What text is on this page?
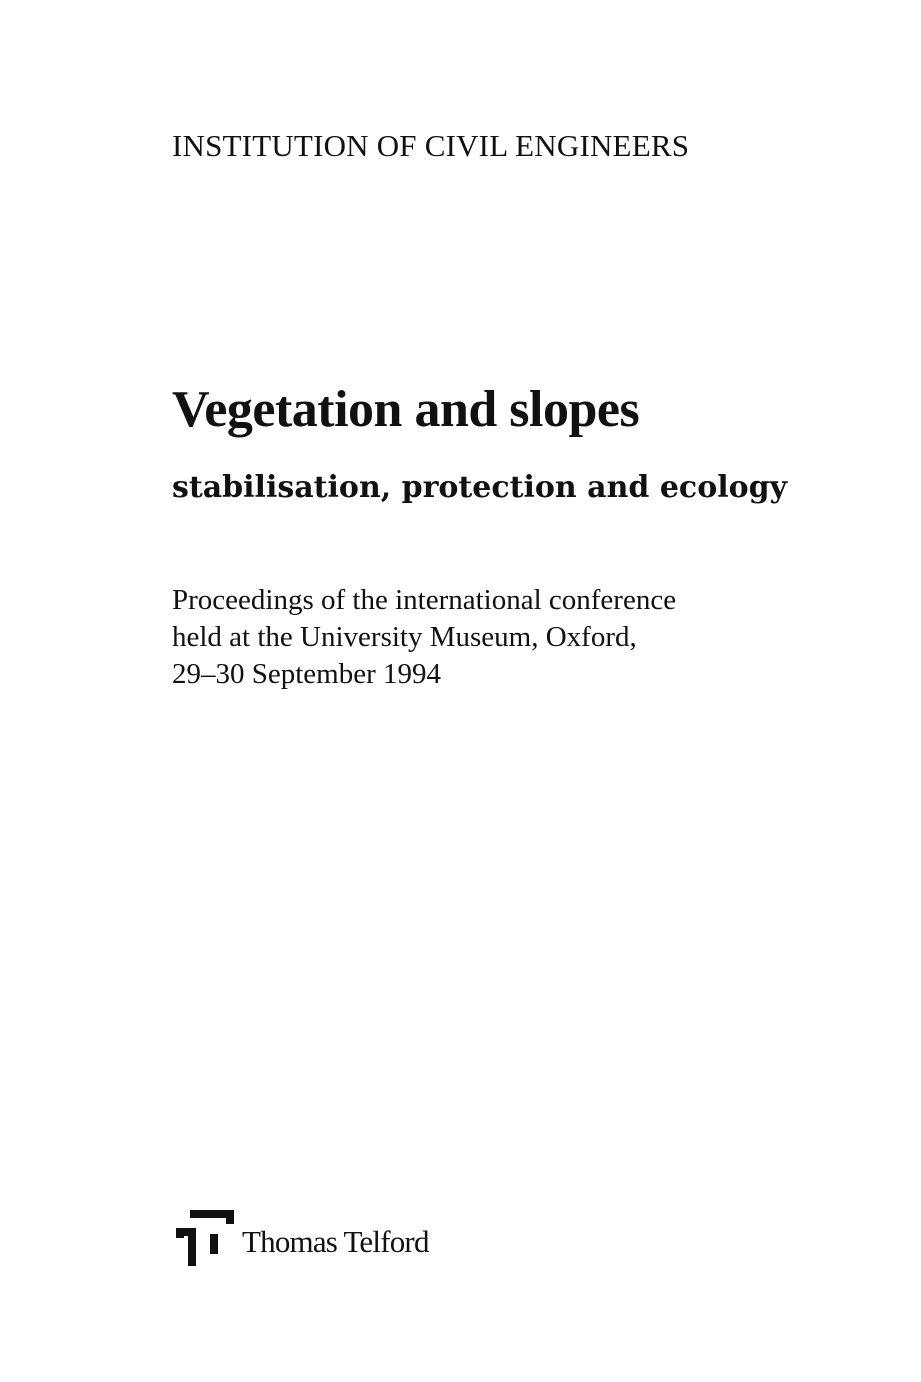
INSTITUTION OF CIVIL ENGINEERS
Vegetation and slopes
stabilisation, protection and ecology

Proceedings of the international conference
held at the University Museum, Oxford,
29–30 September 1994

Thomas Telford
